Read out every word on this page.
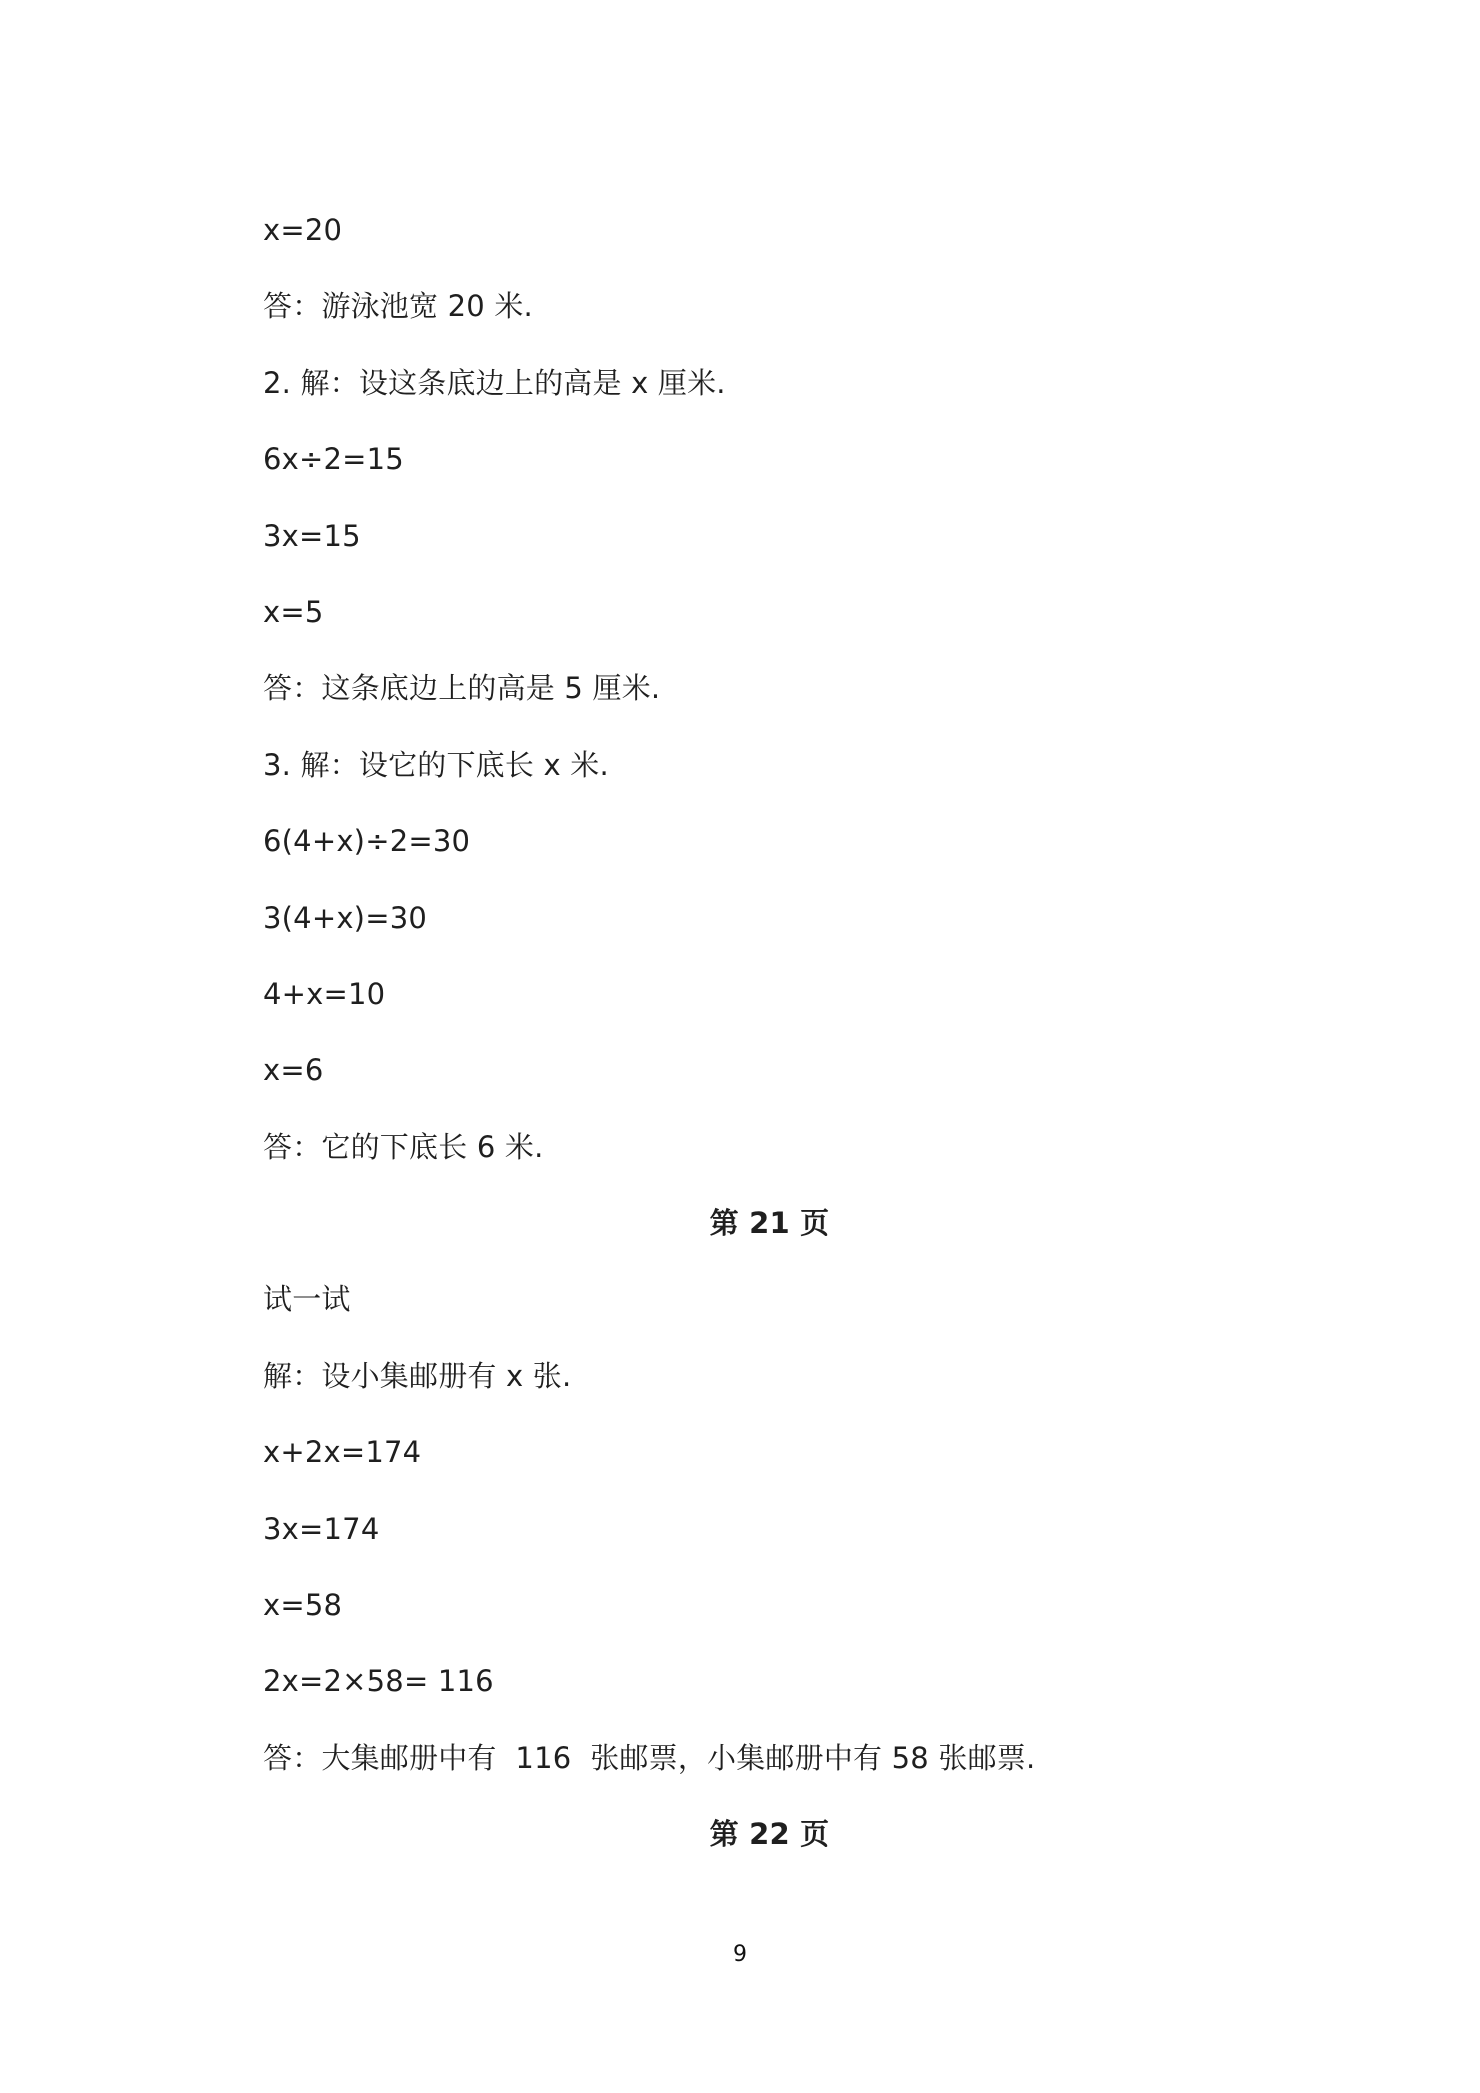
x=20
答：游泳池宽 20 米.
2. 解：设这条底边上的高是 x 厘米.
6x÷2=15
3x=15
x=5
答：这条底边上的高是 5 厘米.
3. 解：设它的下底长 x 米.
6(4+x)÷2=30
3(4+x)=30
4+x=10
x=6
答：它的下底长 6 米.
第 21 页
试一试
解：设小集邮册有 x 张.
x+2x=174
3x=174
x=58
2x=2×58= 116
答：大集邮册中有  116  张邮票，小集邮册中有 58 张邮票.
第 22 页
9
